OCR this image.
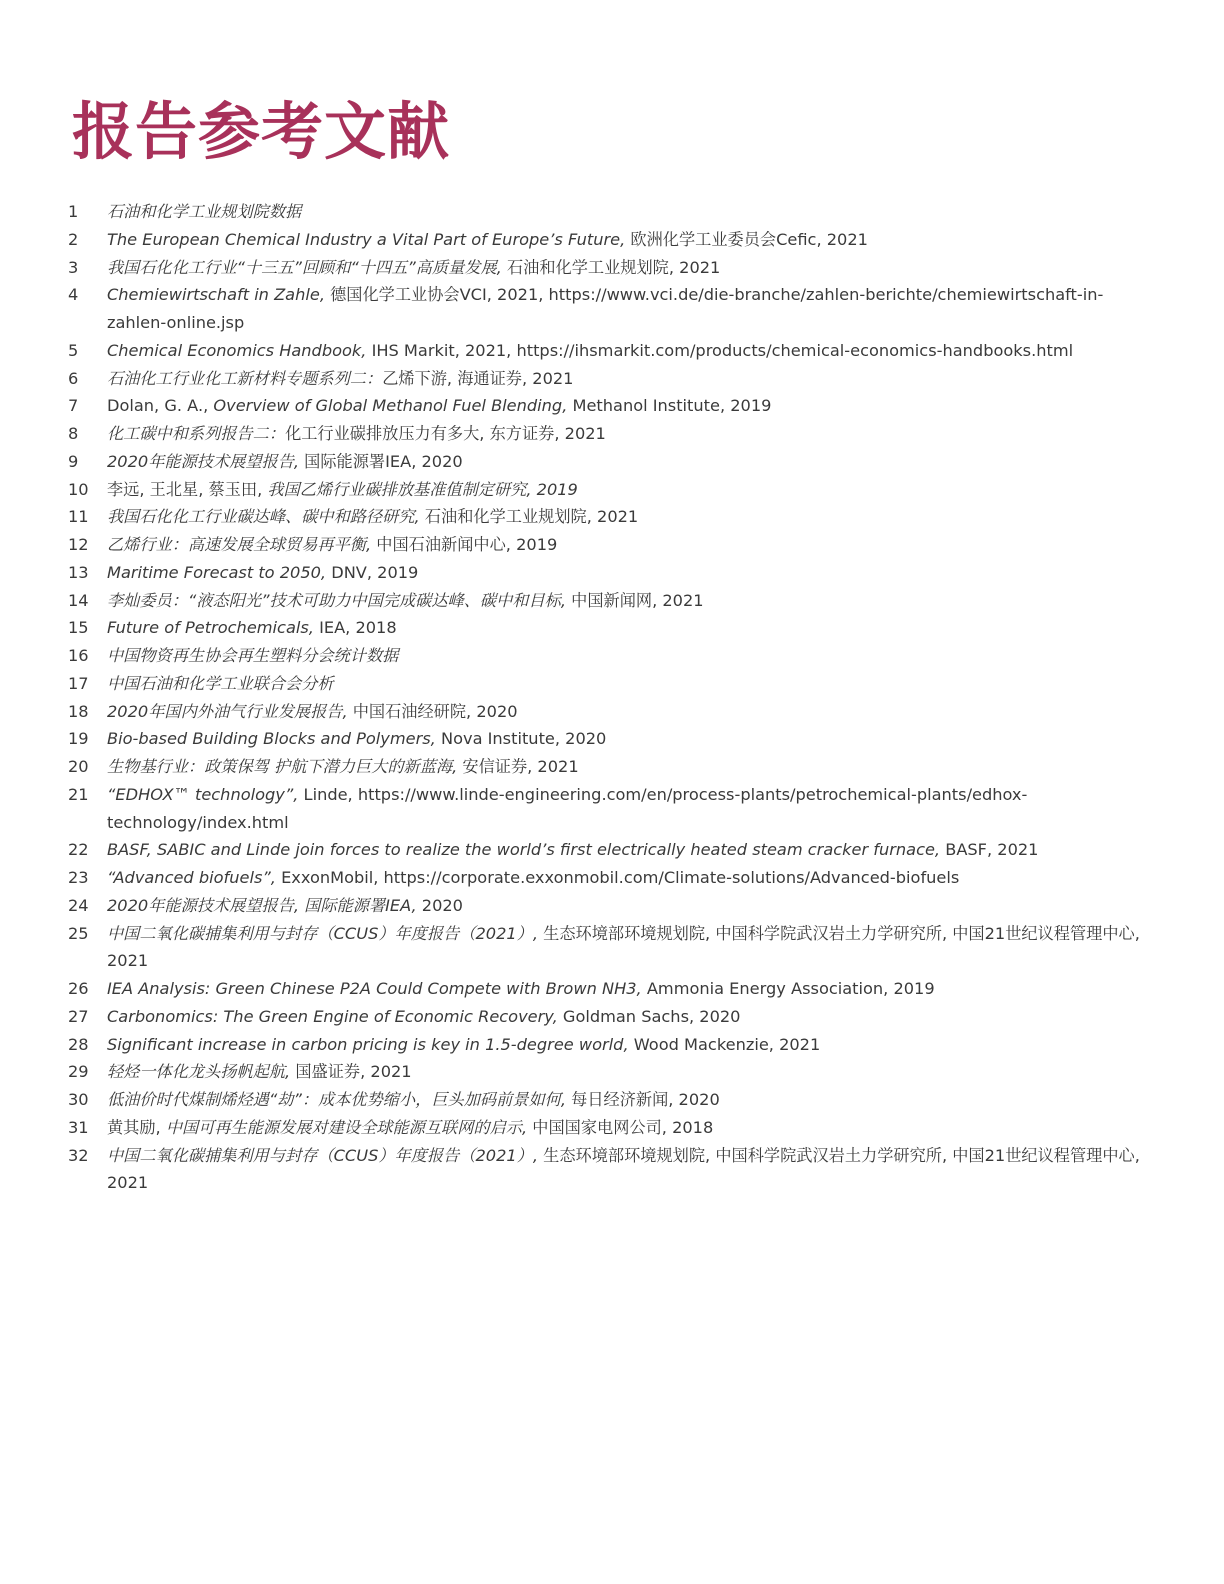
报告参考文献
1	石油和化学工业规划院数据
2	The European Chemical Industry a Vital Part of Europe’s Future, 欧洲化学工业委员会Cefic, 2021
3	我国石化化工行业“十三五”回顾和“十四五”高质量发展, 石油和化学工业规划院, 2021
4	Chemiewirtschaft in Zahle, 德国化学工业协会VCI, 2021, https://www.vci.de/die-branche/zahlen-berichte/chemiewirtschaft-in-zahlen-online.jsp
5	Chemical Economics Handbook, IHS Markit, 2021, https://ihsmarkit.com/products/chemical-economics-handbooks.html
6	石油化工行业化工新材料专题系列二：乙烯下游, 海通证券, 2021
7	Dolan, G. A., Overview of Global Methanol Fuel Blending, Methanol Institute, 2019
8	化工碳中和系列报告二：化工行业碳排放压力有多大, 东方证券, 2021
9	2020年能源技术展望报告, 国际能源署IEA, 2020
10	李远, 王北星, 蔡玉田, 我国乙烯行业碳排放基准值制定研究, 2019
11	我国石化化工行业碳达峰、碳中和路径研究, 石油和化学工业规划院, 2021
12	乙烯行业：高速发展全球贸易再平衡, 中国石油新闻中心, 2019
13	Maritime Forecast to 2050, DNV, 2019
14	李灿委员：“液态阳光”技术可助力中国完成碳达峰、碳中和目标, 中国新闻网, 2021
15	Future of Petrochemicals, IEA, 2018
16	中国物资再生协会再生塑料分会统计数据
17	中国石油和化学工业联合会分析
18	2020年国内外油气行业发展报告, 中国石油经研院, 2020
19	Bio-based Building Blocks and Polymers, Nova Institute, 2020
20	生物基行业：政策保驾 护航下潜力巨大的新蓝海, 安信证券, 2021
21	“EDHOX™ technology”, Linde, https://www.linde-engineering.com/en/process-plants/petrochemical-plants/edhox-technology/index.html
22	BASF, SABIC and Linde join forces to realize the world’s first electrically heated steam cracker furnace, BASF, 2021
23	“Advanced biofuels”, ExxonMobil, https://corporate.exxonmobil.com/Climate-solutions/Advanced-biofuels
24	2020年能源技术展望报告, 国际能源署IEA, 2020
25	中国二氧化碳捕集利用与封存（CCUS）年度报告（2021）, 生态环境部环境规划院, 中国科学院武汉岩土力学研究所, 中国21世纪议程管理中心, 2021
26	IEA Analysis: Green Chinese P2A Could Compete with Brown NH3, Ammonia Energy Association, 2019
27	Carbonomics: The Green Engine of Economic Recovery, Goldman Sachs, 2020
28	Significant increase in carbon pricing is key in 1.5-degree world, Wood Mackenzie, 2021
29	轻烃一体化龙头扬帆起航, 国盛证券, 2021
30	低油价时代煤制烯烃遇“劫”：成本优势缩小，巨头加码前景如何, 每日经济新闻, 2020
31	黄其励, 中国可再生能源发展对建设全球能源互联网的启示, 中国国家电网公司, 2018
32	中国二氧化碳捕集利用与封存（CCUS）年度报告（2021）, 生态环境部环境规划院, 中国科学院武汉岩土力学研究所, 中国21世纪议程管理中心, 2021
